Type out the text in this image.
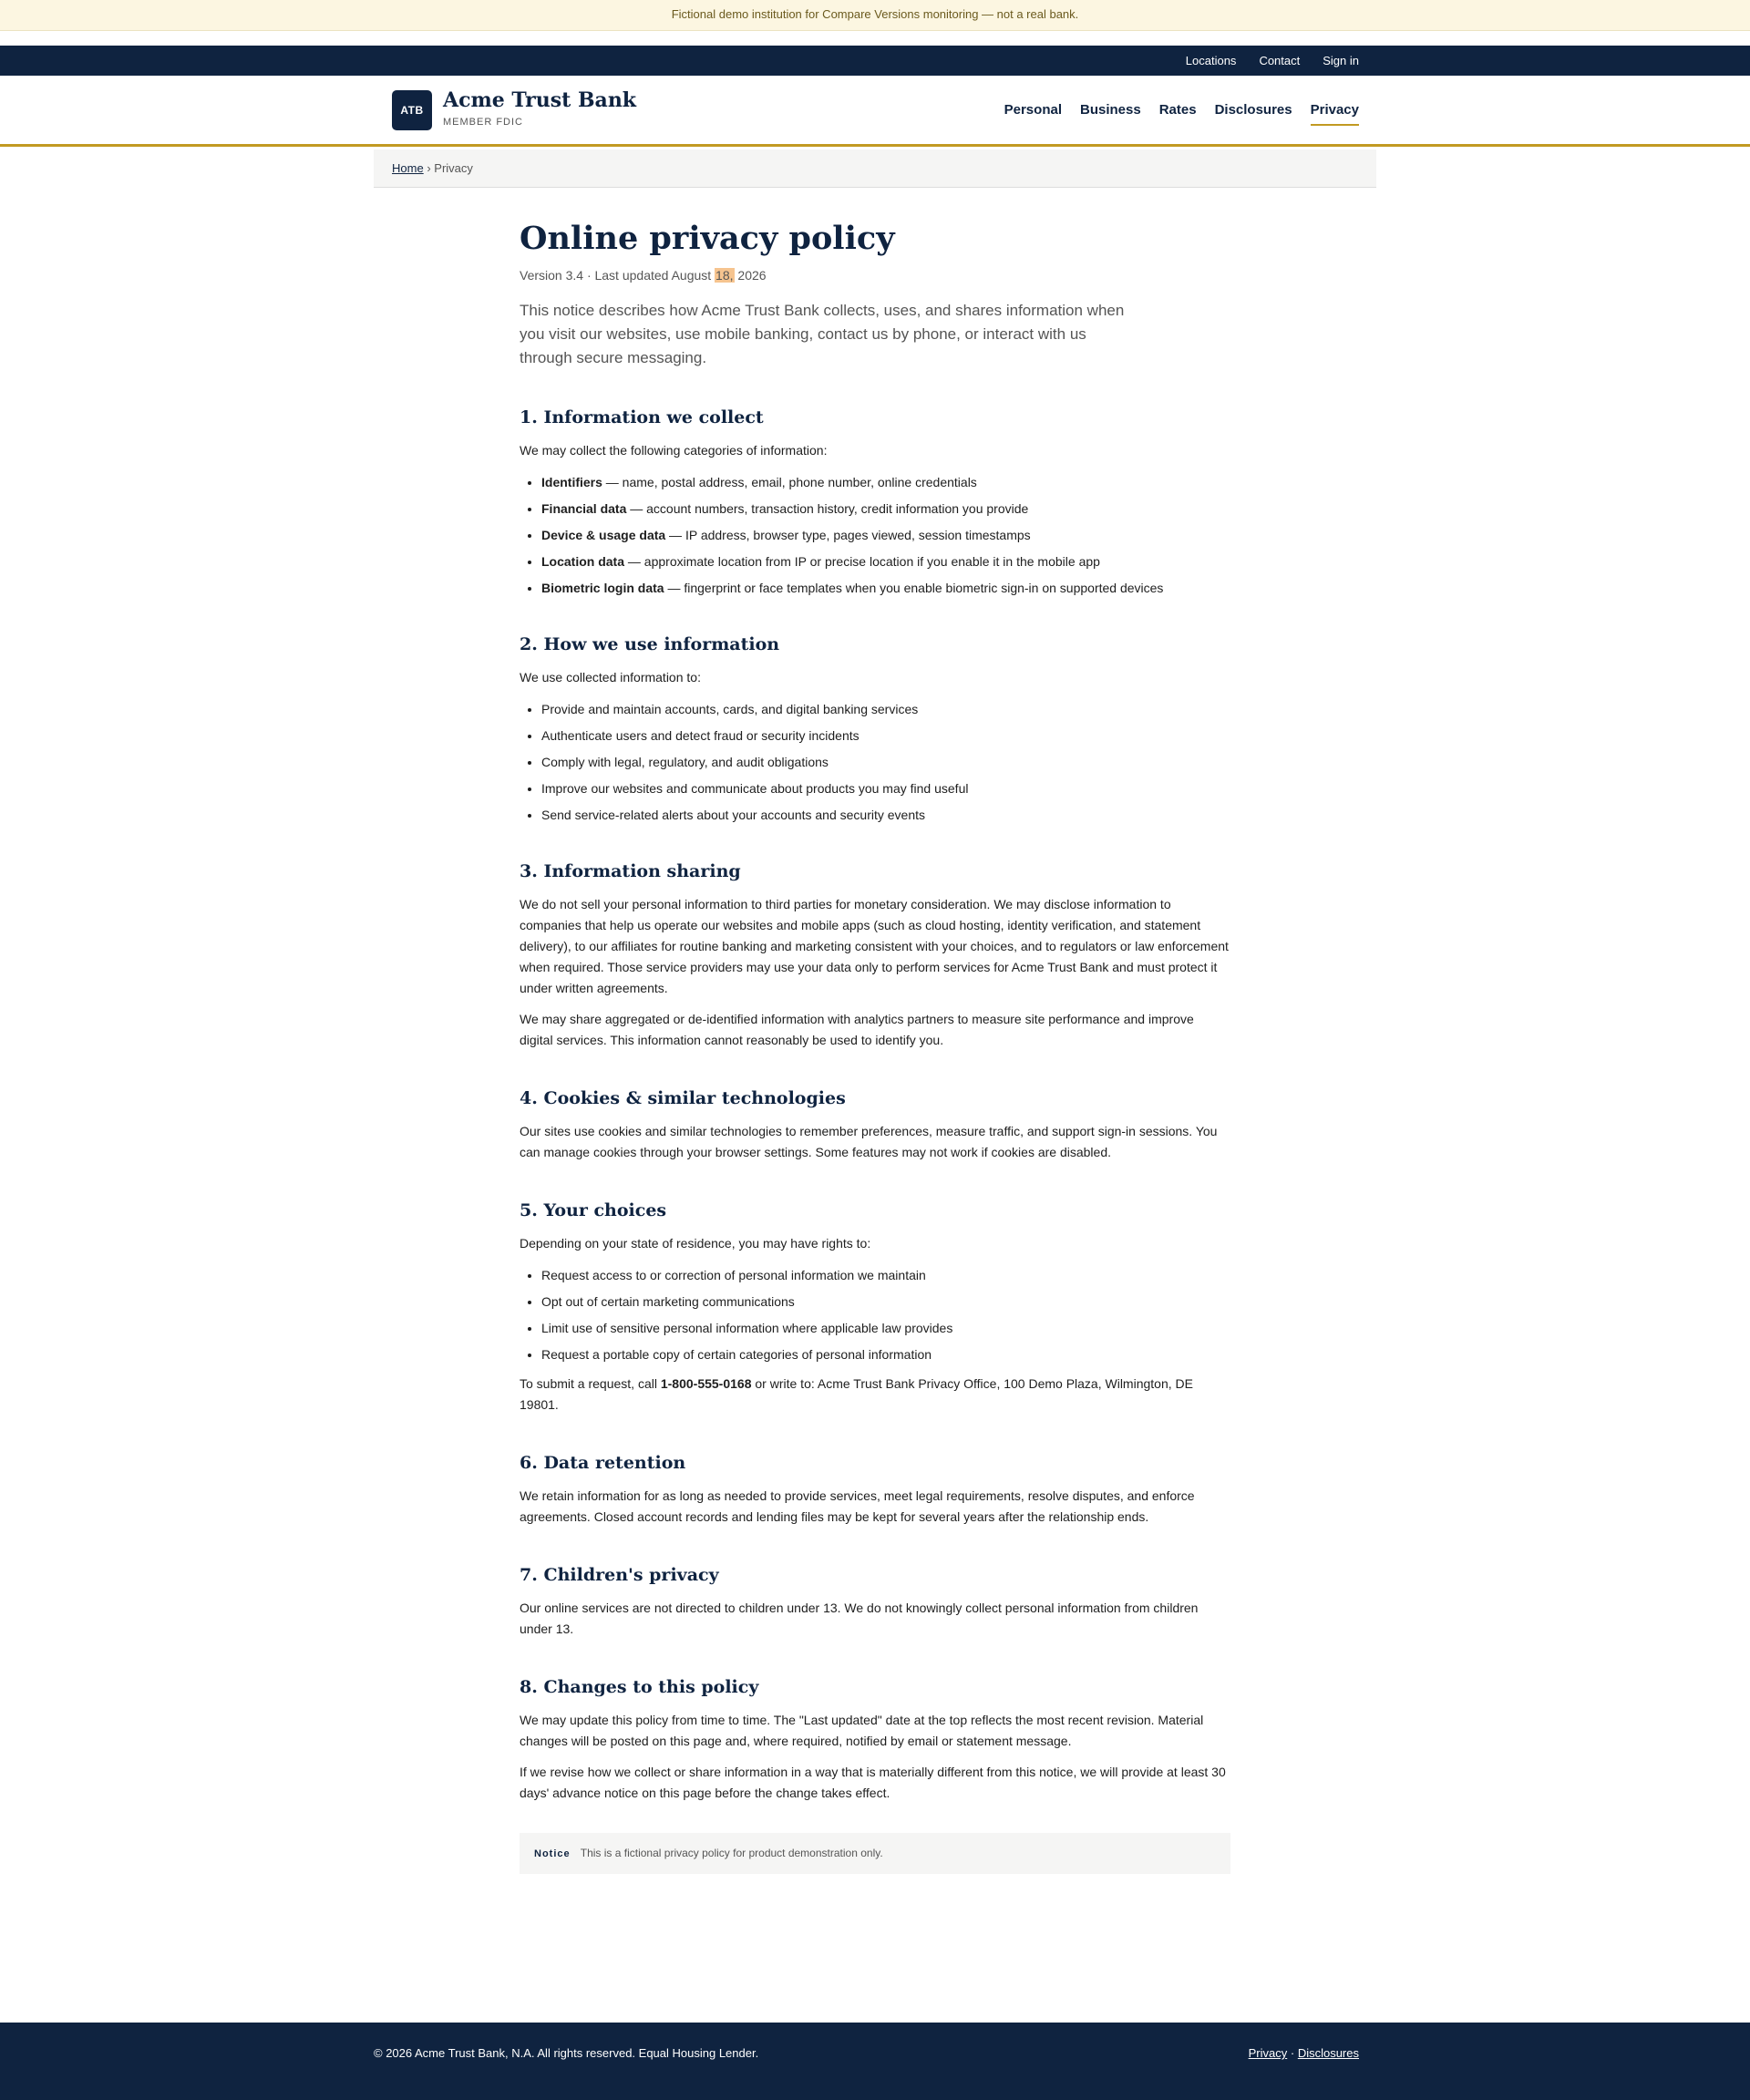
Fictional demo institution for Compare Versions monitoring — not a real bank.
Locations Contact Sign in
ATB Acme Trust Bank
MEMBER FDIC
Personal Business Rates Disclosures Privacy
Home › Privacy
Online privacy policy
Version 3.4 · Last updated August 18, 2026

This notice describes how Acme Trust Bank collects, uses, and shares information when you visit our websites, use mobile banking, contact us by phone, or interact with us through secure messaging.

1. Information we collect

We may collect the following categories of information:

• Identifiers — name, postal address, email, phone number, online credentials
• Financial data — account numbers, transaction history, credit information you provide
• Device & usage data — IP address, browser type, pages viewed, session timestamps
• Location data — approximate location from IP or precise location if you enable it in the mobile app
• Biometric login data — fingerprint or face templates when you enable biometric sign-in on supported devices
2. How we use information

We use collected information to:

• Provide and maintain accounts, cards, and digital banking services
• Authenticate users and detect fraud or security incidents
• Comply with legal, regulatory, and audit obligations
• Improve our websites and communicate about products you may find useful
• Send service-related alerts about your accounts and security events
3. Information sharing

We do not sell your personal information to third parties for monetary consideration. We may disclose information to companies that help us operate our websites and mobile apps (such as cloud hosting, identity verification, and statement delivery), to our affiliates for routine banking and marketing consistent with your choices, and to regulators or law enforcement when required. Those service providers may use your data only to perform services for Acme Trust Bank and must protect it under written agreements.

We may share aggregated or de-identified information with analytics partners to measure site performance and improve digital services. This information cannot reasonably be used to identify you.

4. Cookies & similar technologies

Our sites use cookies and similar technologies to remember preferences, measure traffic, and support sign-in sessions. You can manage cookies through your browser settings. Some features may not work if cookies are disabled.

5. Your choices

Depending on your state of residence, you may have rights to:

• Request access to or correction of personal information we maintain
• Opt out of certain marketing communications
• Limit use of sensitive personal information where applicable law provides
• Request a portable copy of certain categories of personal information

To submit a request, call 1-800-555-0168 or write to: Acme Trust Bank Privacy Office, 100 Demo Plaza, Wilmington, DE 19801.

6. Data retention

We retain information for as long as needed to provide services, meet legal requirements, resolve disputes, and enforce agreements. Closed account records and lending files may be kept for several years after the relationship ends.

7. Children's privacy

Our online services are not directed to children under 13. We do not knowingly collect personal information from children under 13.

8. Changes to this policy

We may update this policy from time to time. The "Last updated" date at the top reflects the most recent revision. Material changes will be posted on this page and, where required, notified by email or statement message.

If we revise how we collect or share information in a way that is materially different from this notice, we will provide at least 30 days' advance notice on this page before the change takes effect.

Notice This is a fictional privacy policy for product demonstration only.
© 2026 Acme Trust Bank, N.A. All rights reserved. Equal Housing Lender.	Privacy · Disclosures
